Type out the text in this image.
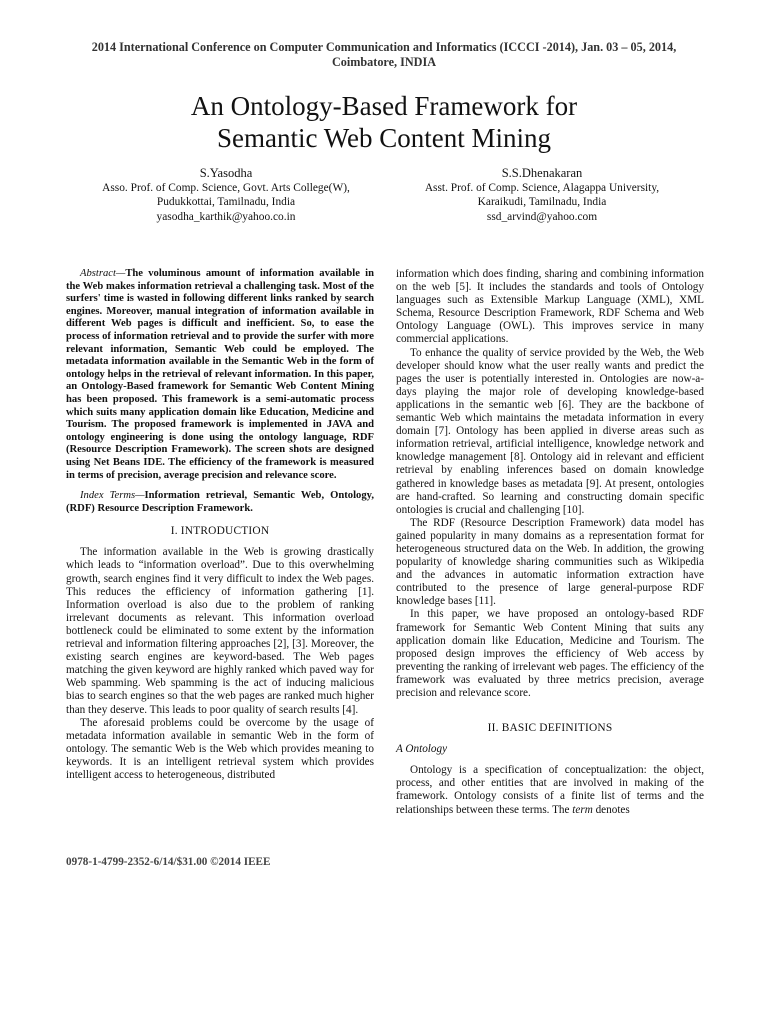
2014 International Conference on Computer Communication and Informatics (ICCCI -2014), Jan. 03 – 05, 2014,
Coimbatore, INDIA
An Ontology-Based Framework for
Semantic Web Content Mining
S.Yasodha
Asso. Prof. of Comp. Science, Govt. Arts College(W),
Pudukkottai, Tamilnadu, India
yasodha_karthik@yahoo.co.in
S.S.Dhenakaran
Asst. Prof. of Comp. Science, Alagappa University,
Karaikudi, Tamilnadu, India
ssd_arvind@yahoo.com

Abstract—The voluminous amount of information available in the Web makes information retrieval a challenging task. Most of the surfers' time is wasted in following different links ranked by search engines. Moreover, manual integration of information available in different Web pages is difficult and inefficient. So, to ease the process of information retrieval and to provide the surfer with more relevant information, Semantic Web could be employed. The metadata information available in the Semantic Web in the form of ontology helps in the retrieval of relevant information. In this paper, an Ontology-Based framework for Semantic Web Content Mining has been proposed. This framework is a semi-automatic process which suits many application domain like Education, Medicine and Tourism. The proposed framework is implemented in JAVA and ontology engineering is done using the ontology language, RDF (Resource Description Framework). The screen shots are designed using Net Beans IDE. The efficiency of the framework is measured in terms of precision, average precision and relevance score.

Index Terms—Information retrieval, Semantic Web, Ontology, (RDF) Resource Description Framework.

I. INTRODUCTION

The information available in the Web is growing drastically which leads to “information overload”. Due to this overwhelming growth, search engines find it very difficult to index the Web pages. This reduces the efficiency of information gathering [1]. Information overload is also due to the problem of ranking irrelevant documents as relevant. This information overload bottleneck could be eliminated to some extent by the information retrieval and information filtering approaches [2], [3]. Moreover, the existing search engines are keyword-based. The Web pages matching the given keyword are highly ranked which paved way for Web spamming. Web spamming is the act of inducing malicious bias to search engines so that the web pages are ranked much higher than they deserve. This leads to poor quality of search results [4].

The aforesaid problems could be overcome by the usage of metadata information available in semantic Web in the form of ontology. The semantic Web is the Web which provides meaning to keywords. It is an intelligent retrieval system which provides intelligent access to heterogeneous, distributed

information which does finding, sharing and combining information on the web [5]. It includes the standards and tools of Ontology languages such as Extensible Markup Language (XML), XML Schema, Resource Description Framework, RDF Schema and Web Ontology Language (OWL). This improves service in many commercial applications.

To enhance the quality of service provided by the Web, the Web developer should know what the user really wants and predict the pages the user is potentially interested in. Ontologies are now-a-days playing the major role of developing knowledge-based applications in the semantic web [6]. They are the backbone of semantic Web which maintains the metadata information in every domain [7]. Ontology has been applied in diverse areas such as information retrieval, artificial intelligence, knowledge network and knowledge management [8]. Ontology aid in relevant and efficient retrieval by enabling inferences based on domain knowledge gathered in knowledge bases as metadata [9]. At present, ontologies are hand-crafted. So learning and constructing domain specific ontologies is crucial and challenging [10].

The RDF (Resource Description Framework) data model has gained popularity in many domains as a representation format for heterogeneous structured data on the Web. In addition, the growing popularity of knowledge sharing communities such as Wikipedia and the advances in automatic information extraction have contributed to the presence of large general-purpose RDF knowledge bases [11].

In this paper, we have proposed an ontology-based RDF framework for Semantic Web Content Mining that suits any application domain like Education, Medicine and Tourism. The proposed design improves the efficiency of Web access by preventing the ranking of irrelevant web pages. The efficiency of the framework was evaluated by three metrics precision, average precision and relevance score.

II. BASIC DEFINITIONS
A Ontology

Ontology is a specification of conceptualization: the object, process, and other entities that are involved in making of the framework. Ontology consists of a finite list of terms and the relationships between these terms. The term denotes

0978-1-4799-2352-6/14/$31.00 ©2014 IEEE
